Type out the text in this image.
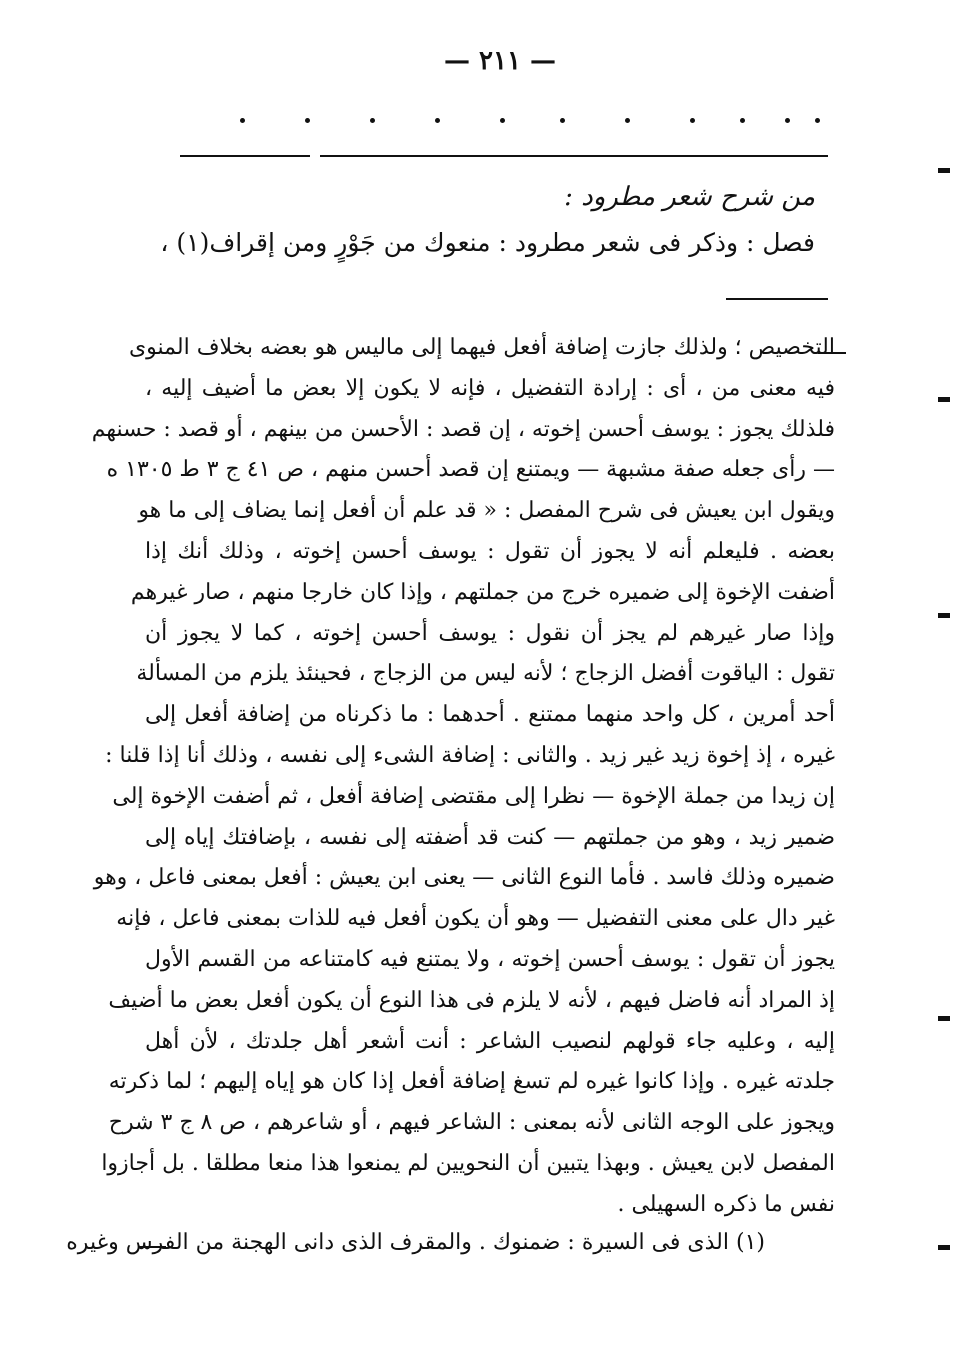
— ٢١١ —
من شرح شعر مطرود :
فصل : وذكر فى شعر مطرود : منعوك من جَوْرٍ ومن إقراف(١) ،
التخصيص ؛ ولذلك جازت إضافة أفعل فيهما إلى ماليس هو بعضه بخلاف المنوى
فيه معنى من ، أى : إرادة التفضيل ، فإنه لا يكون إلا بعض ما أضيف إليه ،
فلذلك يجوز : يوسف أحسن إخوته ، إن قصد : الأحسن من بينهم ، أو قصد : حسنهم
— رأى جعله صفة مشبهة — ويمتنع إن قصد أحسن منهم ، ص ٤١ ج ٣ ط ١٣٠٥ ه
ويقول ابن يعيش فى شرح المفصل : « قد علم أن أفعل إنما يضاف إلى ما هو
بعضه . فليعلم أنه لا يجوز أن تقول : يوسف أحسن إخوته ، وذلك أنك إذا
أضفت الإخوة إلى ضميره خرج من جملتهم ، وإذا كان خارجا منهم ، صار غيرهم
وإذا صار غيرهم لم يجز أن نقول : يوسف أحسن إخوته ، كما لا يجوز أن
تقول : الياقوت أفضل الزجاج ؛ لأنه ليس من الزجاج ، فحينئذ يلزم من المسألة
أحد أمرين ، كل واحد منهما ممتنع . أحدهما : ما ذكرناه من إضافة أفعل إلى
غيره ، إذ إخوة زيد غير زيد . والثانى : إضافة الشىء إلى نفسه ، وذلك أنا إذا قلنا :
إن زيدا من جملة الإخوة — نظرا إلى مقتضى إضافة أفعل ، ثم أضفت الإخوة إلى
ضمير زيد ، وهو من جملتهم — كنت قد أضفته إلى نفسه ، بإضافتك إياه إلى
ضميره وذلك فاسد . فأما النوع الثانى — يعنى ابن يعيش : أفعل بمعنى فاعل ، وهو
غير دال على معنى التفضيل — وهو أن يكون أفعل فيه للذات بمعنى فاعل ، فإنه
يجوز أن تقول : يوسف أحسن إخوته ، ولا يمتنع فيه كامتناعه من القسم الأول
إذ المراد أنه فاضل فيهم ، لأنه لا يلزم فى هذا النوع أن يكون أفعل بعض ما أضيف
إليه ، وعليه جاء قولهم لنصيب الشاعر : أنت أشعر أهل جلدتك ، لأن أهل
جلدته غيره . وإذا كانوا غيره لم تسغ إضافة أفعل إذا كان هو إياه إليهم ؛ لما ذكرته
ويجوز على الوجه الثانى لأنه بمعنى : الشاعر فيهم ، أو شاعرهم ، ص ٨ ج ٣ شرح
المفصل لابن يعيش . وبهذا يتبين أن النحويين لم يمنعوا هذا منعا مطلقا . بل أجازوا
نفس ما ذكره السهيلى .
(١) الذى فى السيرة : ضمنوك . والمقرف الذى دانى الهجنة من الفرس وغيره
